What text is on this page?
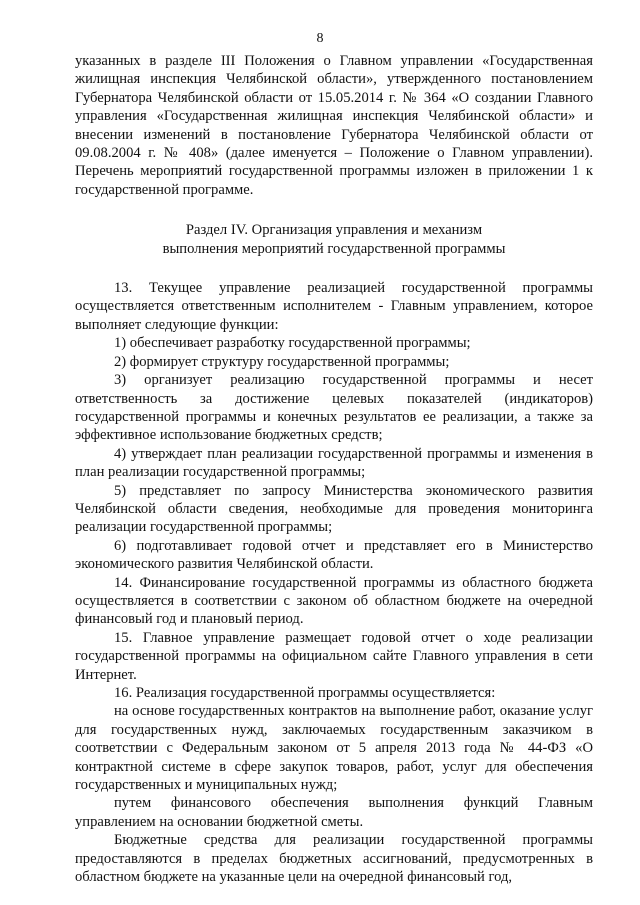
8

указанных в разделе III Положения о Главном управлении «Государственная жилищная инспекция Челябинской области», утвержденного постановлением Губернатора Челябинской области от 15.05.2014 г. № 364 «О создании Главного управления «Государственная жилищная инспекция Челябинской области» и внесении изменений в постановление Губернатора Челябинской области от 09.08.2004 г. № 408» (далее именуется – Положение о Главном управлении). Перечень мероприятий государственной программы изложен в приложении 1 к государственной программе.

Раздел IV. Организация управления и механизм
выполнения мероприятий государственной программы

13. Текущее управление реализацией государственной программы осуществляется ответственным исполнителем - Главным управлением, которое выполняет следующие функции:

1) обеспечивает разработку государственной программы;

2) формирует структуру государственной программы;

3) организует реализацию государственной программы и несет ответственность за достижение целевых показателей (индикаторов) государственной программы и конечных результатов ее реализации, а также за эффективное использование бюджетных средств;

4) утверждает план реализации государственной программы и изменения в план реализации государственной программы;

5) представляет по запросу Министерства экономического развития Челябинской области сведения, необходимые для проведения мониторинга реализации государственной программы;

6) подготавливает годовой отчет и представляет его в Министерство экономического развития Челябинской области.

14. Финансирование государственной программы из областного бюджета осуществляется в соответствии с законом об областном бюджете на очередной финансовый год и плановый период.

15. Главное управление размещает годовой отчет о ходе реализации государственной программы на официальном сайте Главного управления в сети Интернет.

16. Реализация государственной программы осуществляется:

на основе государственных контрактов на выполнение работ, оказание услуг для государственных нужд, заключаемых государственным заказчиком в соответствии с Федеральным законом от 5 апреля 2013 года № 44-ФЗ «О контрактной системе в сфере закупок товаров, работ, услуг для обеспечения государственных и муниципальных нужд;

путем финансового обеспечения выполнения функций Главным управлением на основании бюджетной сметы.

Бюджетные средства для реализации государственной программы предоставляются в пределах бюджетных ассигнований, предусмотренных в областном бюджете на указанные цели на очередной финансовый год,
